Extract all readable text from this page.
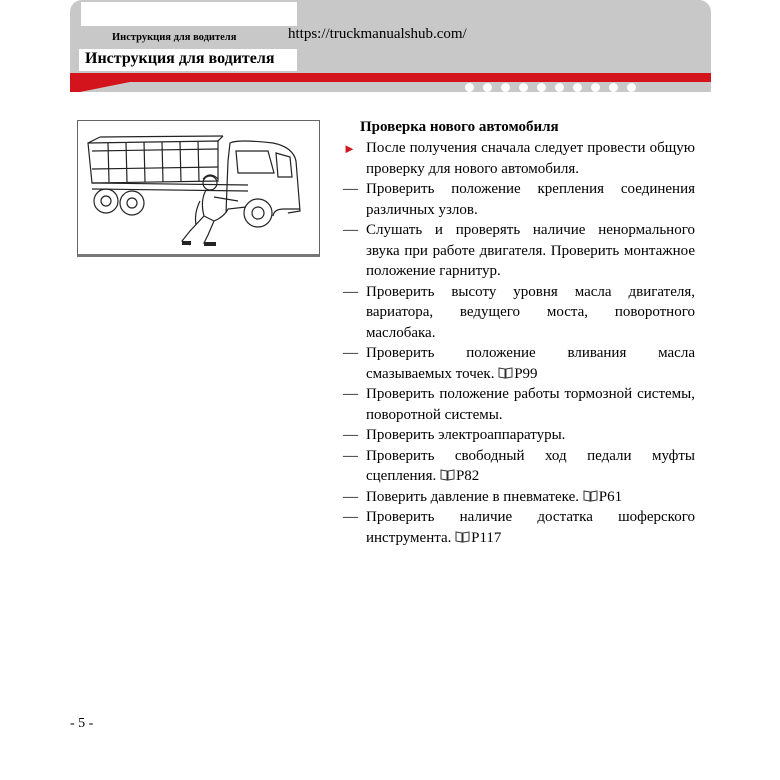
Инструкция для водителя	https://truckmanualshub.com/
Инструкция для водителя
Проверка нового автомобиля
► После получения сначала следует провести общую проверку для нового автомобиля.
— Проверить положение крепления соединения различных узлов.
— Слушать и проверять наличие ненормального звука при работе двигателя. Проверить монтажное положение гарнитур.
— Проверить высоту уровня масла двигателя, вариатора, ведущего моста, поворотного маслобака.
— Проверить положение вливания масла смазываемых точек. P99
— Проверить положение работы тормозной системы, поворотной системы.
— Проверить электроаппаратуры.
— Проверить свободный ход педали муфты сцепления. P82
— Поверить давление в пневматеке. P61
— Проверить наличие достатка шоферского инструмента. P117
- 5 -
